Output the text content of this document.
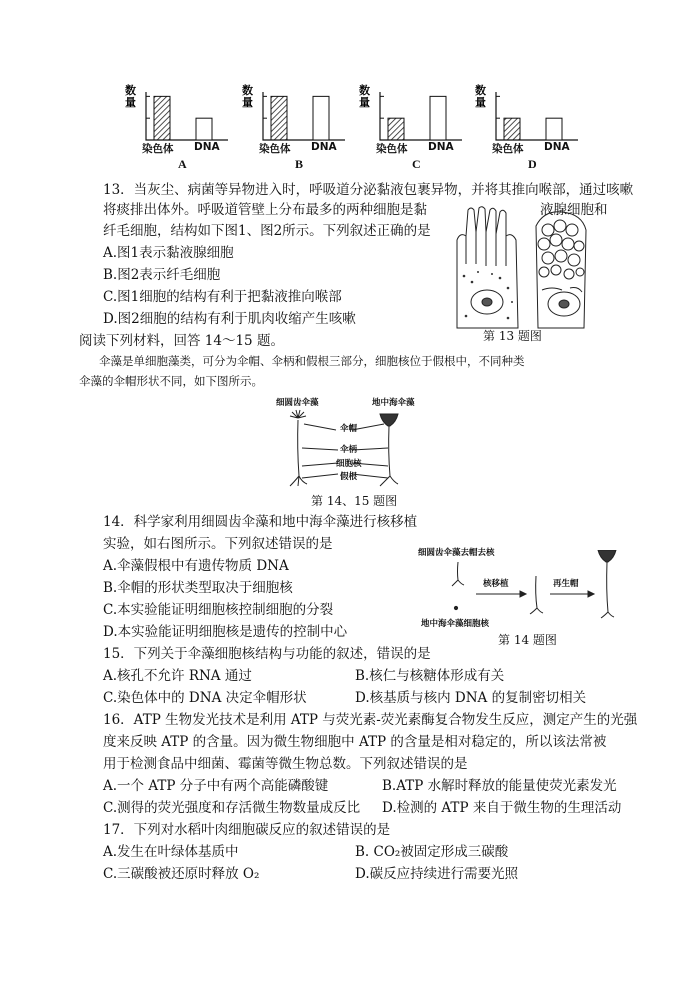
数
量
染色体 DNA
A
数
量
染色体 DNA
B
数
量
染色体 DNA
C
数
量
染色体 DNA
D
13．当灰尘、病菌等异物进入时，呼吸道分泌黏液包裹异物，并将其推向喉部，通过咳嗽
将痰排出体外。呼吸道管壁上分布最多的两种细胞是黏	液腺细胞和
纤毛细胞，结构如下图1、图2所示。下列叙述正确的是
A.图1表示黏液腺细胞
B.图2表示纤毛细胞
C.图1细胞的结构有利于把黏液推向喉部
D.图2细胞的结构有利于肌肉收缩产生咳嗽
第 13 题图
阅读下列材料，回答 14～15 题。
伞藻是单细胞藻类，可分为伞帽、伞柄和假根三部分，细胞核位于假根中，不同种类
伞藻的伞帽形状不同，如下图所示。
细圆齿伞藻	地中海伞藻
伞帽
伞柄
细胞核
假根
第 14、15 题图
14．科学家利用细圆齿伞藻和地中海伞藻进行核移植
实验，如右图所示。下列叙述错误的是
A.伞藻假根中有遗传物质 DNA
B.伞帽的形状类型取决于细胞核
C.本实验能证明细胞核控制细胞的分裂
D.本实验能证明细胞核是遗传的控制中心
细圆齿伞藻去帽去核
地中海伞藻细胞核
核移植	再生帽
第 14 题图
15．下列关于伞藻细胞核结构与功能的叙述，错误的是
A.核孔不允许 RNA 通过	B.核仁与核糖体形成有关
C.染色体中的 DNA 决定伞帽形状	D.核基质与核内 DNA 的复制密切相关
16．ATP 生物发光技术是利用 ATP 与荧光素-荧光素酶复合物发生反应，测定产生的光强
度来反映 ATP 的含量。因为微生物细胞中 ATP 的含量是相对稳定的，所以该法常被
用于检测食品中细菌、霉菌等微生物总数。下列叙述错误的是
A.一个 ATP 分子中有两个高能磷酸键	B.ATP 水解时释放的能量使荧光素发光
C.测得的荧光强度和存活微生物数量成反比 D.检测的 ATP 来自于微生物的生理活动
17．下列对水稻叶肉细胞碳反应的叙述错误的是
A.发生在叶绿体基质中	B. CO₂被固定形成三碳酸
C.三碳酸被还原时释放 O₂	D.碳反应持续进行需要光照
